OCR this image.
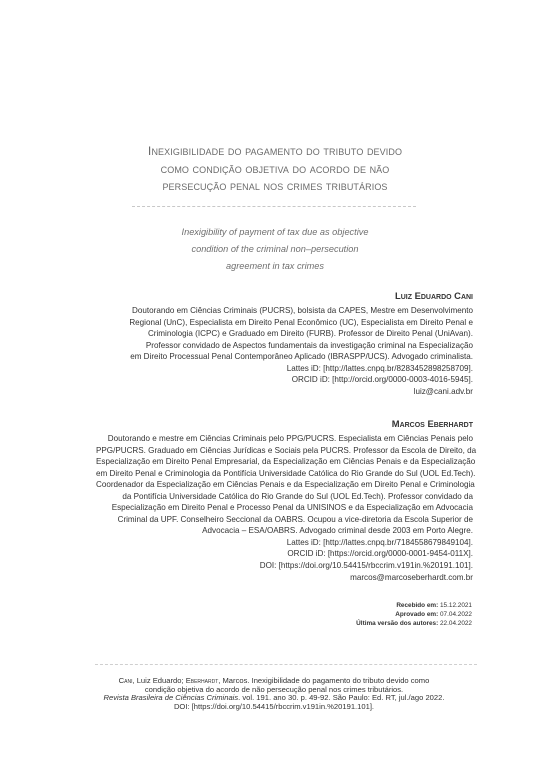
Inexigibilidade do pagamento do tributo devido
como condição objetiva do acordo de não
persecução penal nos crimes tributários
Inexigibility of payment of tax due as objective
condition of the criminal non–persecution
agreement in tax crimes
Luiz Eduardo Cani
Doutorando em Ciências Criminais (PUCRS), bolsista da CAPES, Mestre em Desenvolvimento
Regional (UnC), Especialista em Direito Penal Econômico (UC), Especialista em Direito Penal e
Criminologia (ICPC) e Graduado em Direito (FURB). Professor de Direito Penal (UniAvan).
Professor convidado de Aspectos fundamentais da investigação criminal na Especialização
em Direito Processual Penal Contemporâneo Aplicado (IBRASPP/UCS). Advogado criminalista.
Lattes iD: [http://lattes.cnpq.br/8283452898258709].
ORCID iD: [http://orcid.org/0000-0003-4016-5945].
luiz@cani.adv.br
Marcos Eberhardt
Doutorando e mestre em Ciências Criminais pelo PPG/PUCRS. Especialista em Ciências Penais pelo
PPG/PUCRS. Graduado em Ciências Jurídicas e Sociais pela PUCRS. Professor da Escola de Direito, da
Especialização em Direito Penal Empresarial, da Especialização em Ciências Penais e da Especialização
em Direito Penal e Criminologia da Pontifícia Universidade Católica do Rio Grande do Sul (UOL Ed.Tech).
Coordenador da Especialização em Ciências Penais e da Especialização em Direito Penal e Criminologia
da Pontifícia Universidade Católica do Rio Grande do Sul (UOL Ed.Tech). Professor convidado da
Especialização em Direito Penal e Processo Penal da UNISINOS e da Especialização em Advocacia
Criminal da UPF. Conselheiro Seccional da OABRS. Ocupou a vice-diretoria da Escola Superior de
Advocacia – ESA/OABRS. Advogado criminal desde 2003 em Porto Alegre.
Lattes iD: [http://lattes.cnpq.br/7184558679849104].
ORCID iD: [https://orcid.org/0000-0001-9454-011X].
DOI: [https://doi.org/10.54415/rbccrim.v191in.%20191.101].
marcos@marcoseberhardt.com.br
Recebido em: 15.12.2021
Aprovado em: 07.04.2022
Última versão dos autores: 22.04.2022
Cani, Luiz Eduardo; Eberhardt, Marcos. Inexigibilidade do pagamento do tributo devido como
condição objetiva do acordo de não persecução penal nos crimes tributários.
Revista Brasileira de Ciências Criminais. vol. 191. ano 30. p. 49-92. São Paulo: Ed. RT, jul./ago 2022.
DOI: [https://doi.org/10.54415/rbccrim.v191in.%20191.101].
